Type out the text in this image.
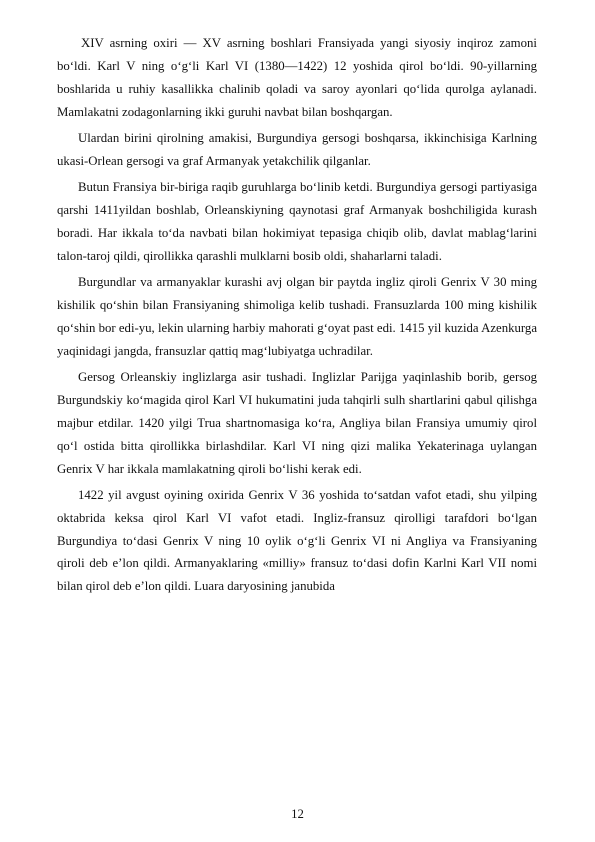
XIV asrning oxiri — XV asrning boshlari Fransiyada yangi siyosiy inqiroz zamoni bo‘ldi. Karl V ning o‘g‘li Karl VI (1380—1422) 12 yoshida qirol bo‘ldi. 90-yillarning boshlarida u ruhiy kasallikka chalinib qoladi va saroy ayonlari qo‘lida qurolga aylanadi. Mamlakatni zodagonlarning ikki guruhi navbat bilan boshqargan.

Ulardan birini qirolning amakisi, Burgundiya gersogi boshqarsa, ikkinchisiga Karlning ukasi-Orlean gersogi va graf Armanyak yetakchilik qilganlar.

Butun Fransiya bir-biriga raqib guruhlarga bo‘linib ketdi. Burgundiya gersogi partiyasiga qarshi 1411yildan boshlab, Orleanskiyning qaynotasi graf Armanyak boshchiligida kurash boradi. Har ikkala to‘da navbati bilan hokimiyat tepasiga chiqib olib, davlat mablag‘larini talon-taroj qildi, qirollikka qarashli mulklarni bosib oldi, shaharlarni taladi.

Burgundlar va armanyaklar kurashi avj olgan bir paytda ingliz qiroli Genrix V 30 ming kishilik qo‘shin bilan Fransiyaning shimoliga kelib tushadi. Fransuzlarda 100 ming kishilik qo‘shin bor edi-yu, lekin ularning harbiy mahorati g‘oyat past edi. 1415 yil kuzida Azenkurga yaqinidagi jangda, fransuzlar qattiq mag‘lubiyatga uchradilar.

Gersog Orleanskiy inglizlarga asir tushadi. Inglizlar Parijga yaqinlashib borib, gersog Burgundskiy ko‘magida qirol Karl VI hukumatini juda tahqirli sulh shartlarini qabul qilishga majbur etdilar. 1420 yilgi Trua shartnomasiga ko‘ra, Angliya bilan Fransiya umumiy qirol qo‘l ostida bitta qirollikka birlashdilar. Karl VI ning qizi malika Yekaterinaga uylangan Genrix V har ikkala mamlakatning qiroli bo‘lishi kerak edi.

1422 yil avgust oyining oxirida Genrix V 36 yoshida to‘satdan vafot etadi, shu yilping oktabrida keksa qirol Karl VI vafot etadi. Ingliz-fransuz qirolligi tarafdori bo‘lgan Burgundiya to‘dasi Genrix V ning 10 oylik o‘g‘li Genrix VI ni Angliya va Fransiyaning qiroli deb e’lon qildi. Armanyaklaring «milliy» fransuz to‘dasi dofin Karlni Karl VII nomi bilan qirol deb e’lon qildi. Luara daryosining janubida

12
